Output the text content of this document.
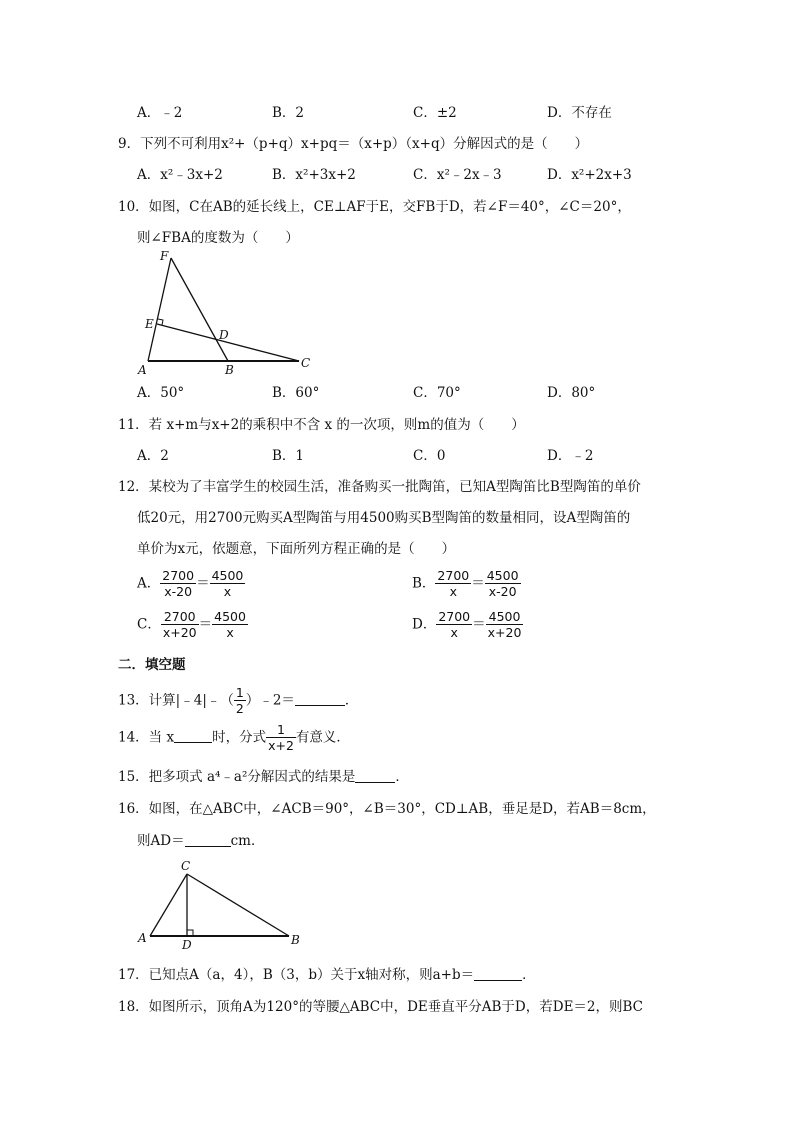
A．﹣2	B．2	C．±2	D．不存在
9．下列不可利用x²+（p+q）x+pq＝（x+p）（x+q）分解因式的是（　　）
A．x²﹣3x+2	B．x²+3x+2	C．x²﹣2x﹣3	D．x²+2x+3
10．如图，C在AB的延长线上，CE⊥AF于E，交FB于D，若∠F＝40°，∠C＝20°，
则∠FBA的度数为（　　）
F
E
D
A	B	C
A．50°	B．60°	C．70°	D．80°
11．若 x+m与x+2的乘积中不含 x 的一次项，则m的值为（　　）
A．2	B．1	C．0	D．﹣2
12．某校为了丰富学生的校园生活，准备购买一批陶笛，已知A型陶笛比B型陶笛的单价
低20元，用2700元购买A型陶笛与用4500购买B型陶笛的数量相同，设A型陶笛的
单价为x元，依题意，下面所列方程正确的是（　　）
A． $\frac{2700}{x-20} = \frac{4500}{x}$	B． $\frac{2700}{x} = \frac{4500}{x-20}$
C． $\frac{2700}{x+20} = \frac{4500}{x}$	D． $\frac{2700}{x} = \frac{4500}{x+20}$
二．填空题
13．计算|﹣4|﹣（ $\frac{1}{2}$ ）﹣2＝	．
14．当 x	时，分式 $\frac{1}{x+2}$ 有意义．
15．把多项式 a⁴﹣a²分解因式的结果是	．
16．如图，在△ABC中，∠ACB＝90°，∠B＝30°，CD⊥AB，垂足是D，若AB＝8cm，
则AD＝	cm．
C
A	D	B
17．已知点A（a，4），B（3，b）关于x轴对称，则a+b＝	．
18．如图所示，顶角A为120°的等腰△ABC中，DE垂直平分AB于D，若DE＝2，则BC
